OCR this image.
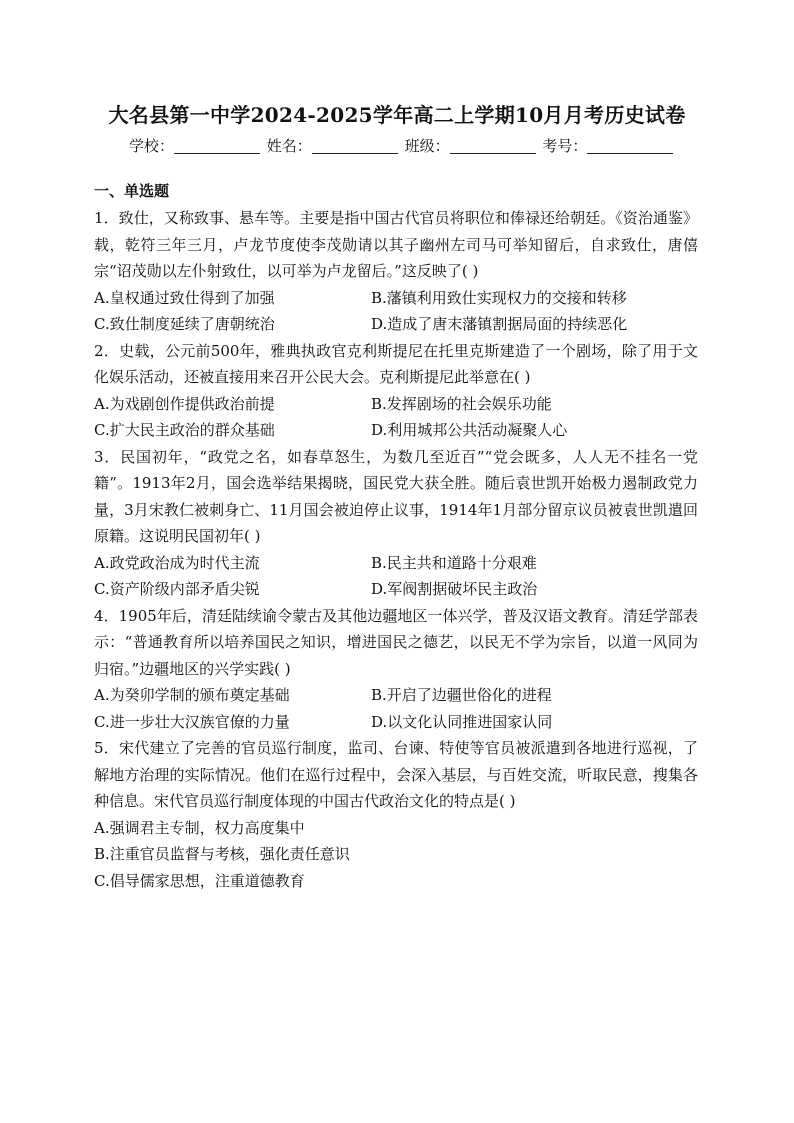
大名县第一中学2024-2025学年高二上学期10月月考历史试卷
学校：	姓名：	班级：	考号：
一、单选题

1．致仕，又称致事、悬车等。主要是指中国古代官员将职位和俸禄还给朝廷。《资治通鉴》载，乾符三年三月，卢龙节度使李茂勋请以其子幽州左司马可举知留后，自求致仕，唐僖宗“诏茂勋以左仆射致仕，以可举为卢龙留后。”这反映了( )

A.皇权通过致仕得到了加强	B.藩镇利用致仕实现权力的交接和转移
C.致仕制度延续了唐朝统治	D.造成了唐末藩镇割据局面的持续恶化

2．史载，公元前500年，雅典执政官克利斯提尼在托里克斯建造了一个剧场，除了用于文化娱乐活动，还被直接用来召开公民大会。克利斯提尼此举意在( )

A.为戏剧创作提供政治前提	B.发挥剧场的社会娱乐功能
C.扩大民主政治的群众基础	D.利用城邦公共活动凝聚人心

3．民国初年，“政党之名，如春草怒生，为数几至近百”“党会既多，人人无不挂名一党籍”。1913年2月，国会选举结果揭晓，国民党大获全胜。随后袁世凯开始极力遏制政党力量，3月宋教仁被刺身亡、11月国会被迫停止议事，1914年1月部分留京议员被袁世凯遣回原籍。这说明民国初年( )

A.政党政治成为时代主流	B.民主共和道路十分艰难
C.资产阶级内部矛盾尖锐	D.军阀割据破坏民主政治

4．1905年后，清廷陆续谕令蒙古及其他边疆地区一体兴学，普及汉语文教育。清廷学部表示：“普通教育所以培养国民之知识，增进国民之德艺，以民无不学为宗旨，以道一风同为归宿。”边疆地区的兴学实践( )

A.为癸卯学制的颁布奠定基础	B.开启了边疆世俗化的进程
C.进一步壮大汉族官僚的力量	D.以文化认同推进国家认同

5．宋代建立了完善的官员巡行制度，监司、台谏、特使等官员被派遣到各地进行巡视，了解地方治理的实际情况。他们在巡行过程中，会深入基层，与百姓交流，听取民意，搜集各种信息。宋代官员巡行制度体现的中国古代政治文化的特点是( )

A.强调君主专制，权力高度集中
B.注重官员监督与考核，强化责任意识
C.倡导儒家思想，注重道德教育
